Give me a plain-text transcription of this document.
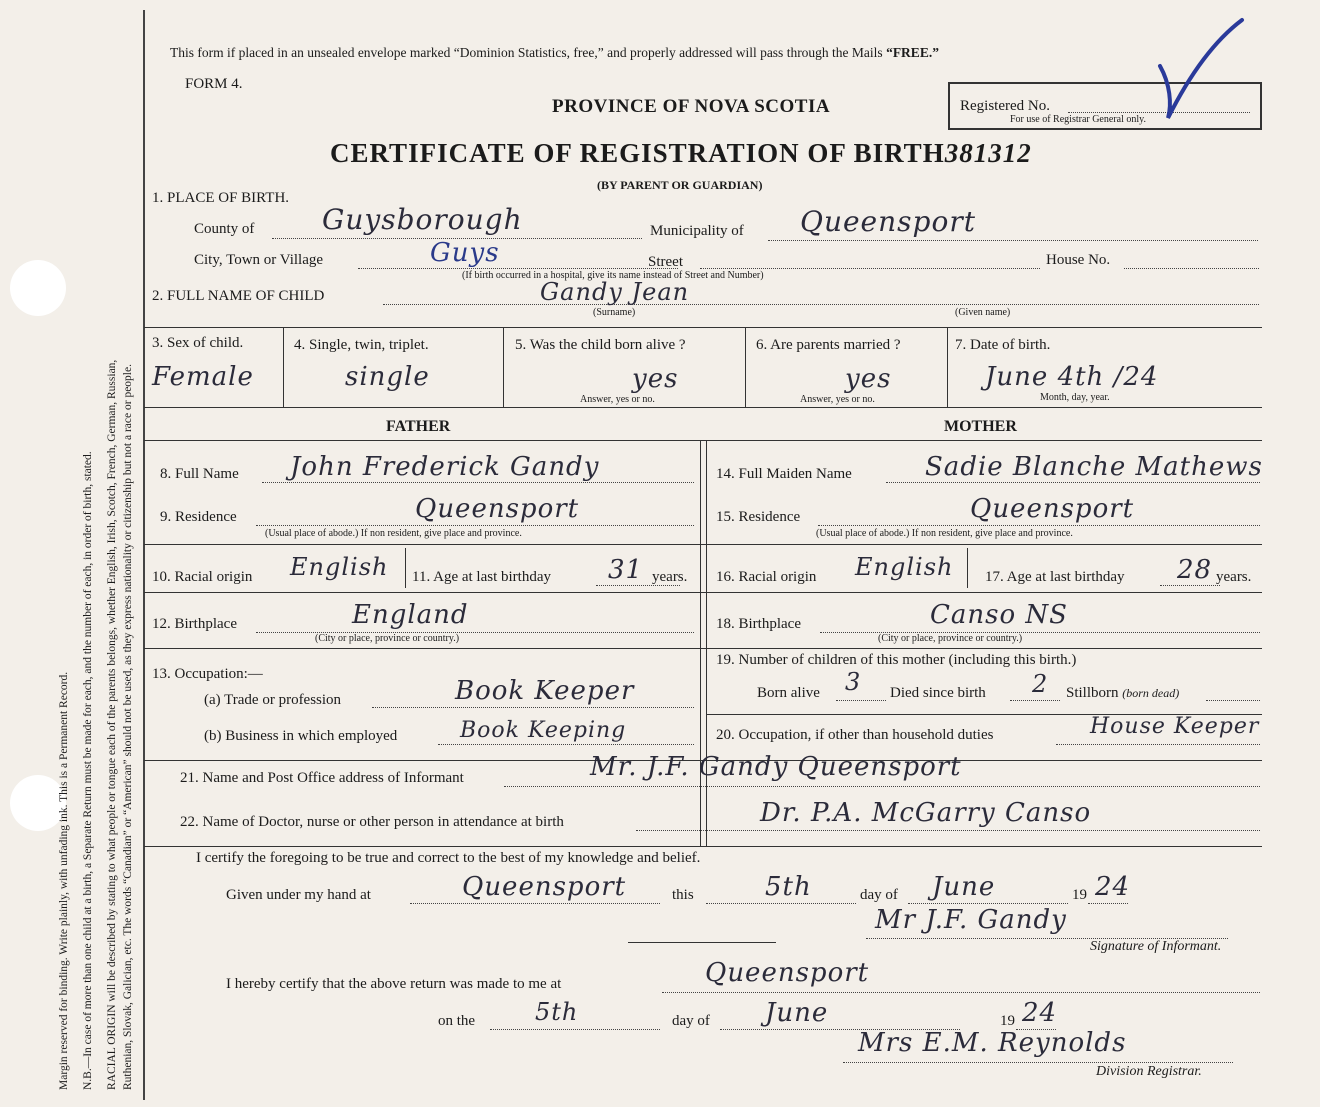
Margin reserved for binding. Write plainly, with unfading ink. This is a Permanent Record. N.B.—In case of more than one child at a birth, a Separate Return must be made for each, and the number of each, in order of birth, stated. RACIAL ORIGIN will be described by stating to what people or tongue each of the parents belongs, whether English, Irish, Scotch, French, German, Russian, Ruthenian, Slovak, Galician, etc. The words “Canadian” or “American” should not be used, as they express nationality or citizenship but not a race or people.
This form if placed in an unsealed envelope marked “Dominion Statistics, free,” and properly addressed will pass through the Mails “FREE.”
FORM 4.
PROVINCE OF NOVA SCOTIA
CERTIFICATE OF REGISTRATION OF BIRTH381312
(BY PARENT OR GUARDIAN)
Registered No.
For use of Registrar General only.
1. PLACE OF BIRTH.
County of Guysborough	Municipality of Queensport
City, Town or Village	Guys	Street	House No.
(If birth occurred in a hospital, give its name instead of Street and Number)
2. FULL NAME OF CHILD	Gandy Jean
(Surname)	(Given name)
3. Sex of child.
Female
4. Single, twin, triplet.
single
5. Was the child born alive ?
yes
Answer, yes or no.
6. Are parents married ?
yes
Answer, yes or no.
7. Date of birth.
June 4th /24
Month, day, year.
FATHER	MOTHER
8. Full Name John Frederick Gandy	14. Full Maiden Name	Sadie Blanche Mathews
9. Residence	Queensport
(Usual place of abode.) If non resident, give place and province.
15. Residence	Queensport
(Usual place of abode.) If non resident, give place and province.
10. Racial origin English 11. Age at last birthday 31 years. 16. Racial origin English 17. Age at last birthday 28 years.
12. Birthplace	England
(City or place, province or country.)
18. Birthplace	Canso NS
(City or place, province or country.)
13. Occupation:—
(a) Trade or profession	Book Keeper
(b) Business in which employed	Book Keeping
19. Number of children of this mother (including this birth.)
Born alive 3 Died since birth 2 Stillborn (born dead)
20. Occupation, if other than household duties	House Keeper
21. Name and Post Office address of Informant	Mr. J.F. Gandy Queensport
22. Name of Doctor, nurse or other person in attendance at birth	Dr. P.A. McGarry Canso
I certify the foregoing to be true and correct to the best of my knowledge and belief.
Given under my hand at	Queensport	this	5th	day of June	19 24
Mr J.F. Gandy
Signature of Informant.
I hereby certify that the above return was made to me at	Queensport
on the 5th	day of June	19 24
Mrs E.M. Reynolds
Division Registrar.
